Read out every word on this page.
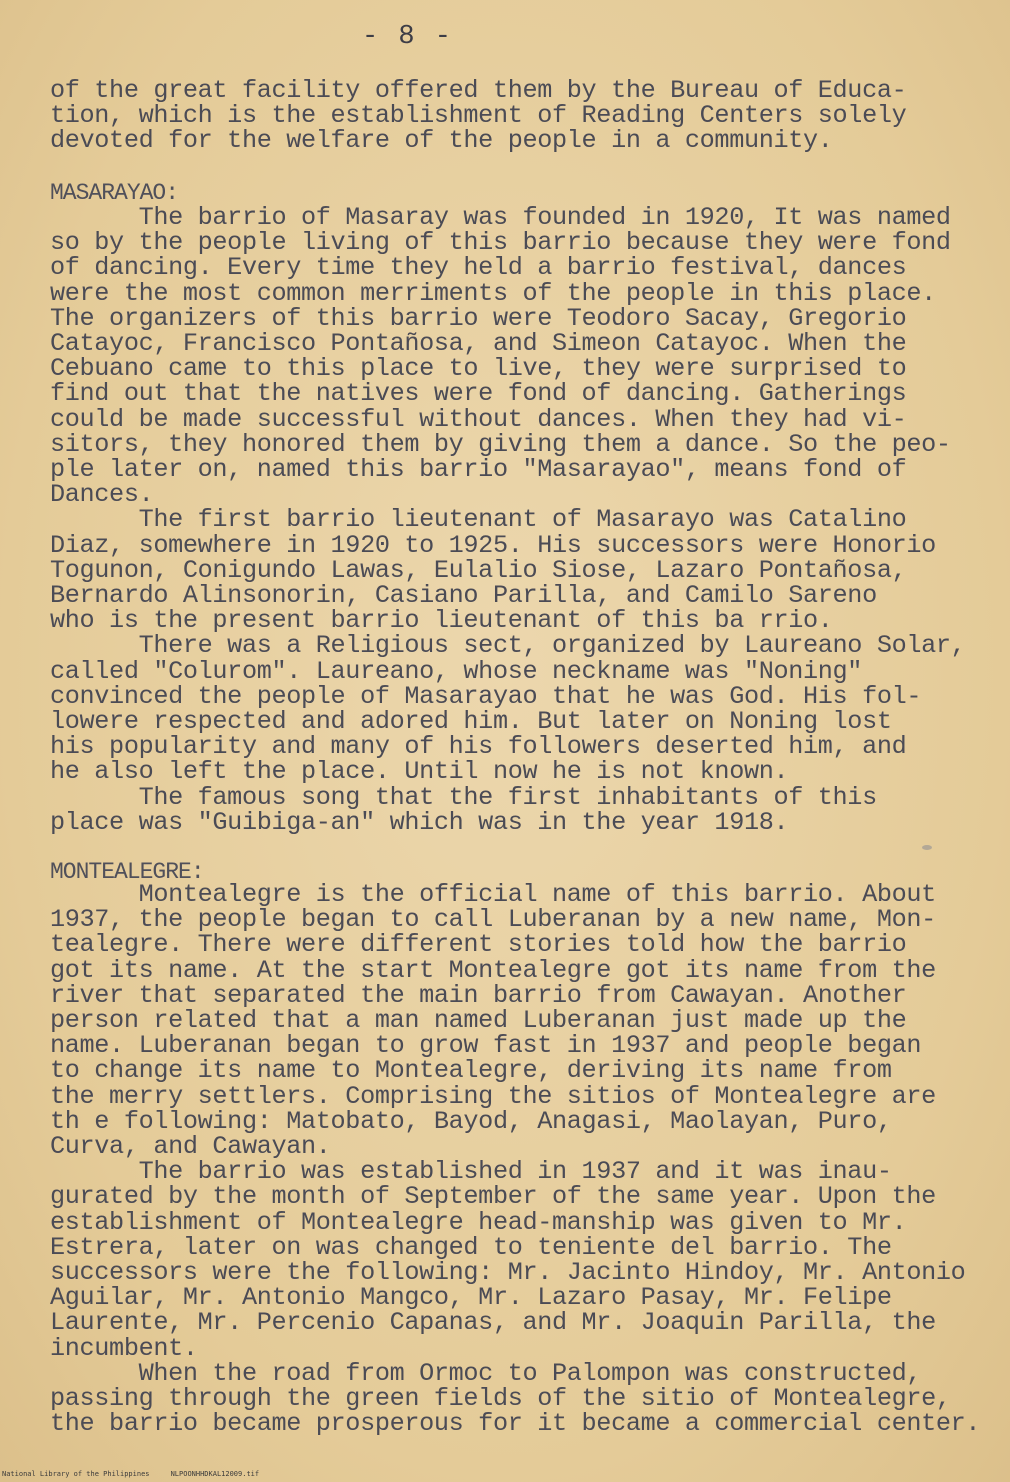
- 8 -
of the great facility offered them by the Bureau of Educa-
tion, which is the establishment of Reading Centers solely
devoted for the welfare of the people in a community.
MASARAYAO:
The barrio of Masaray was founded in 1920, It was named
so by the people living of this barrio because they were fond
of dancing. Every time they held a barrio festival, dances
were the most common merriments of the people in this place.
The organizers of this barrio were Teodoro Sacay, Gregorio
Catayoc, Francisco Pontañosa, and Simeon Catayoc. When the
Cebuano came to this place to live, they were surprised to
find out that the natives were fond of dancing. Gatherings
could be made successful without dances. When they had vi-
sitors, they honored them by giving them a dance. So the peo-
ple later on, named this barrio "Masarayao", means fond of
Dances.
The first barrio lieutenant of Masarayo was Catalino
Diaz, somewhere in 1920 to 1925. His successors were Honorio
Togunon, Conigundo Lawas, Eulalio Siose, Lazaro Pontañosa,
Bernardo Alinsonorin, Casiano Parilla, and Camilo Sareno
who is the present barrio lieutenant of this ba rrio.
There was a Religious sect, organized by Laureano Solar,
called "Colurom". Laureano, whose neckname was "Noning"
convinced the people of Masarayao that he was God. His fol-
lowere respected and adored him. But later on Noning lost
his popularity and many of his followers deserted him, and
he also left the place. Until now he is not known.
The famous song that the first inhabitants of this
place was "Guibiga-an" which was in the year 1918.
MONTEALEGRE:
Montealegre is the official name of this barrio. About
1937, the people began to call Luberanan by a new name, Mon-
tealegre. There were different stories told how the barrio
got its name. At the start Montealegre got its name from the
river that separated the main barrio from Cawayan. Another
person related that a man named Luberanan just made up the
name. Luberanan began to grow fast in 1937 and people began
to change its name to Montealegre, deriving its name from
the merry settlers. Comprising the sitios of Montealegre are
th e following: Matobato, Bayod, Anagasi, Maolayan, Puro,
Curva, and Cawayan.
The barrio was established in 1937 and it was inau-
gurated by the month of September of the same year. Upon the
establishment of Montealegre head-manship was given to Mr.
Estrera, later on was changed to teniente del barrio. The
successors were the following: Mr. Jacinto Hindoy, Mr. Antonio
Aguilar, Mr. Antonio Mangco, Mr. Lazaro Pasay, Mr. Felipe
Laurente, Mr. Percenio Capanas, and Mr. Joaquin Parilla, the
incumbent.
When the road from Ormoc to Palompon was constructed,
passing through the green fields of the sitio of Montealegre,
the barrio became prosperous for it became a commercial center.
National Library of the Philippines	NLPOONHHDKAL12009.tif
